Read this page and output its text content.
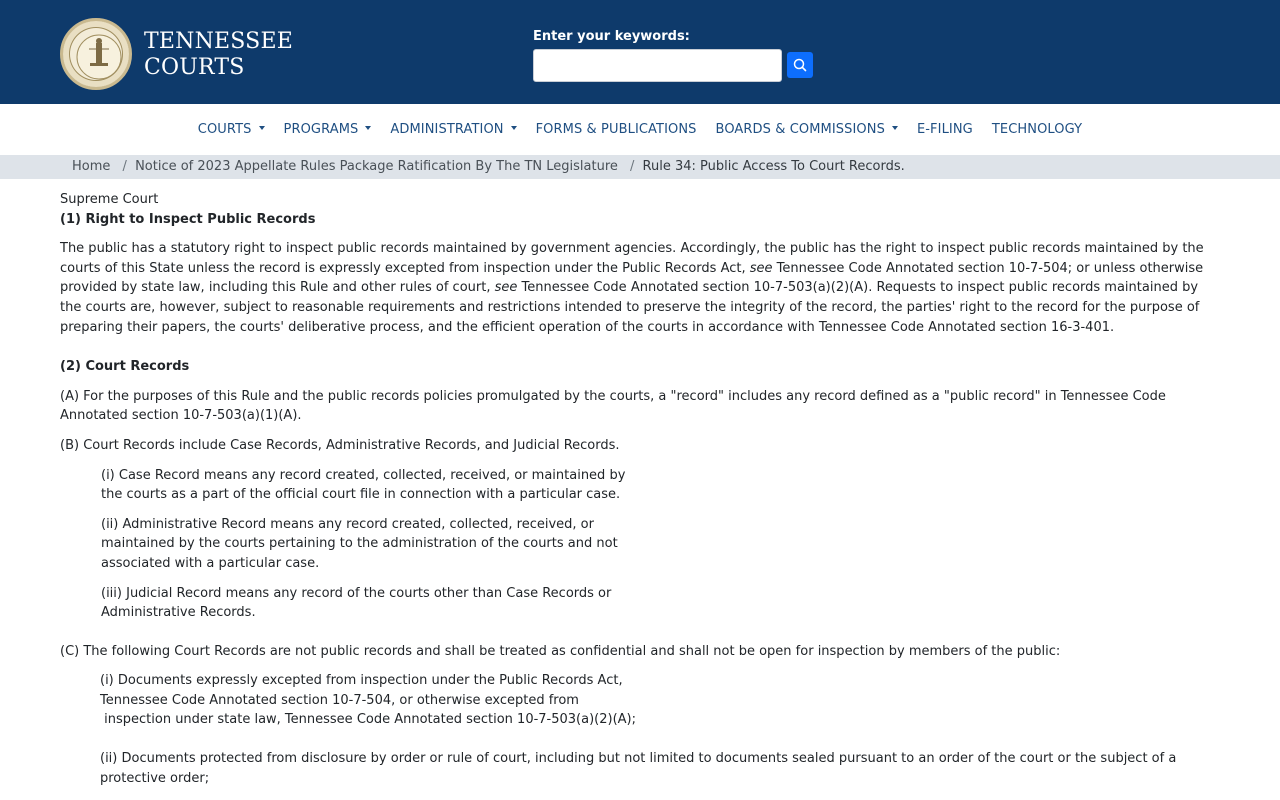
TENNESSEE
COURTS
Enter your keywords:
COURTS	PROGRAMS	ADMINISTRATION	FORMS & PUBLICATIONS	BOARDS & COMMISSIONS	E-FILING	TECHNOLOGY
Home / Notice of 2023 Appellate Rules Package Ratification By The TN Legislature / Rule 34: Public Access To Court Records.
Supreme Court
(1) Right to Inspect Public Records

The public has a statutory right to inspect public records maintained by government agencies. Accordingly, the public has the right to inspect public records maintained by the courts of this State unless the record is expressly excepted from inspection under the Public Records Act, see Tennessee Code Annotated section 10-7-504; or unless otherwise provided by state law, including this Rule and other rules of court, see Tennessee Code Annotated section 10-7-503(a)(2)(A). Requests to inspect public records maintained by the courts are, however, subject to reasonable requirements and restrictions intended to preserve the integrity of the record, the parties' right to the record for the purpose of preparing their papers, the courts' deliberative process, and the efficient operation of the courts in accordance with Tennessee Code Annotated section 16-3-401.

(2) Court Records

(A) For the purposes of this Rule and the public records policies promulgated by the courts, a "record" includes any record defined as a "public record" in Tennessee Code Annotated section 10-7-503(a)(1)(A).

(B) Court Records include Case Records, Administrative Records, and Judicial Records.

(i) Case Record means any record created, collected, received, or maintained by the courts as a part of the official court file in connection with a particular case.

(ii) Administrative Record means any record created, collected, received, or maintained by the courts pertaining to the administration of the courts and not associated with a particular case.

(iii) Judicial Record means any record of the courts other than Case Records or Administrative Records.

(C) The following Court Records are not public records and shall be treated as confidential and shall not be open for inspection by members of the public:

(i) Documents expressly excepted from inspection under the Public Records Act,
Tennessee Code Annotated section 10-7-504, or otherwise excepted from
inspection under state law, Tennessee Code Annotated section 10-7-503(a)(2)(A);

(ii) Documents protected from disclosure by order or rule of court, including but not limited to documents sealed pursuant to an order of the court or the subject of a protective order;
